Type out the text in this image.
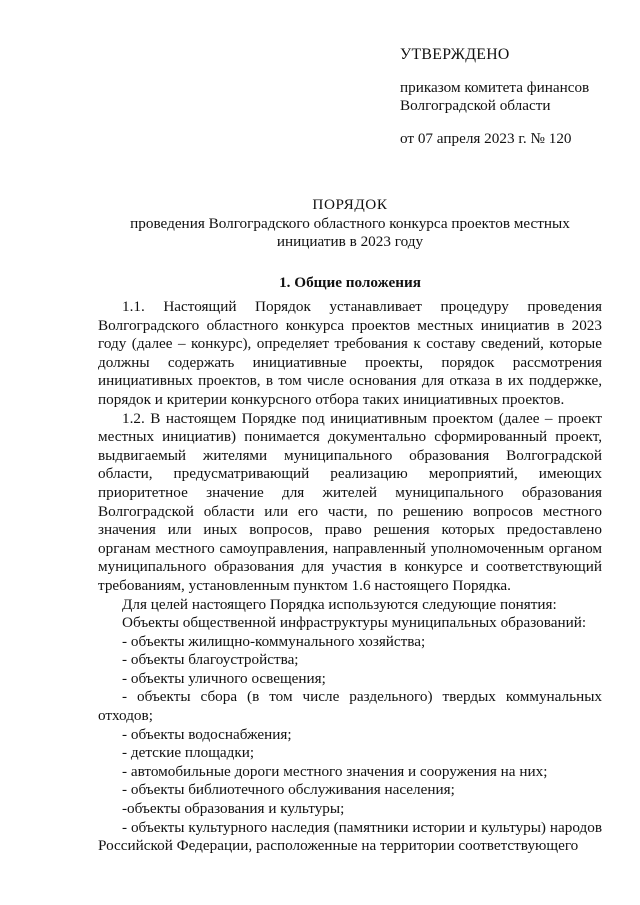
УТВЕРЖДЕНО
приказом комитета финансов
Волгоградской области
от 07 апреля 2023 г. № 120
ПОРЯДОК
проведения Волгоградского областного конкурса проектов местных
инициатив в 2023 году
1. Общие положения

1.1. Настоящий Порядок устанавливает процедуру проведения Волгоградского областного конкурса проектов местных инициатив в 2023 году (далее – конкурс), определяет требования к составу сведений, которые должны содержать инициативные проекты, порядок рассмотрения инициативных проектов, в том числе основания для отказа в их поддержке, порядок и критерии конкурсного отбора таких инициативных проектов.

1.2. В настоящем Порядке под инициативным проектом (далее – проект местных инициатив) понимается документально сформированный проект, выдвигаемый жителями муниципального образования Волгоградской области, предусматривающий реализацию мероприятий, имеющих приоритетное значение для жителей муниципального образования Волгоградской области или его части, по решению вопросов местного значения или иных вопросов, право решения которых предоставлено органам местного самоуправления, направленный уполномоченным органом муниципального образования для участия в конкурсе и соответствующий требованиям, установленным пунктом 1.6 настоящего Порядка.

Для целей настоящего Порядка используются следующие понятия:

Объекты общественной инфраструктуры муниципальных образований:

- объекты жилищно-коммунального хозяйства;

- объекты благоустройства;

- объекты уличного освещения;

- объекты сбора (в том числе раздельного) твердых коммунальных отходов;

- объекты водоснабжения;

- детские площадки;

- автомобильные дороги местного значения и сооружения на них;

- объекты библиотечного обслуживания населения;

-объекты образования и культуры;

- объекты культурного наследия (памятники истории и культуры) народов Российской Федерации, расположенные на территории соответствующего
